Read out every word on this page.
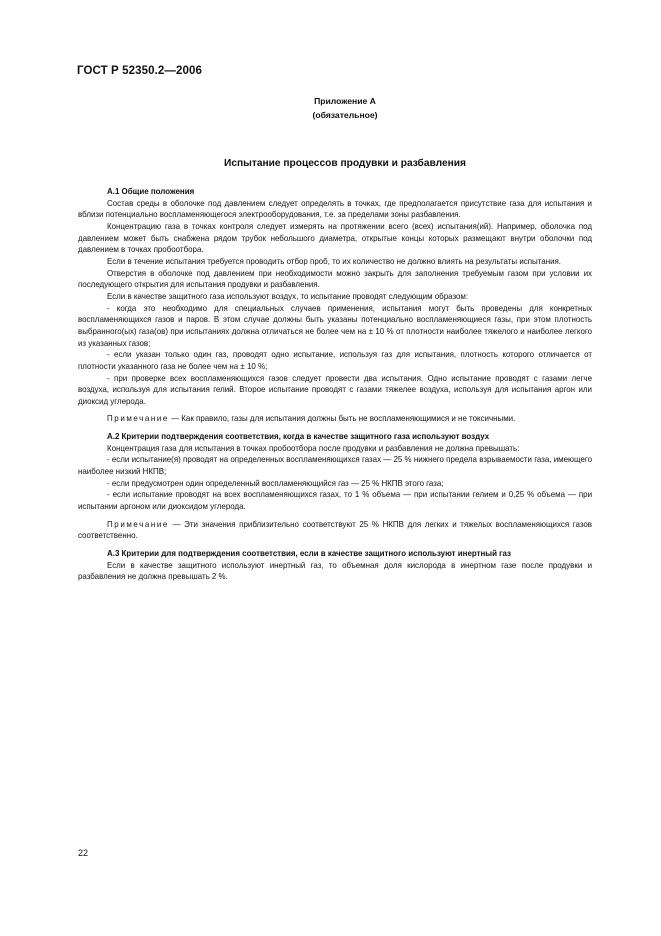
ГОСТ Р 52350.2—2006
Приложение А
(обязательное)
Испытание процессов продувки и разбавления
А.1 Общие положения

Состав среды в оболочке под давлением следует определять в точках, где предполагается присутствие газа для испытания и вблизи потенциально воспламеняющегося электрооборудования, т.е. за пределами зоны разбавления.

Концентрацию газа в точках контроля следует измерять на протяжении всего (всех) испытания(ий). Например, оболочка под давлением может быть снабжена рядом трубок небольшого диаметра, открытые концы которых размещают внутри оболочки под давлением в точках пробоотбора.

Если в течение испытания требуется проводить отбор проб, то их количество не должно влиять на результаты испытания.

Отверстия в оболочке под давлением при необходимости можно закрыть для заполнения требуемым газом при условии их последующего открытия для испытания продувки и разбавления.

Если в качестве защитного газа используют воздух, то испытание проводят следующим образом:

- когда это необходимо для специальных случаев применения, испытания могут быть проведены для конкретных воспламеняющихся газов и паров. В этом случае должны быть указаны потенциально воспламеняющиеся газы, при этом плотность выбранного(ых) газа(ов) при испытаниях должна отличаться не более чем на ± 10 % от плотности наиболее тяжелого и наиболее легкого из указанных газов;

- если указан только один газ, проводят одно испытание, используя газ для испытания, плотность которого отличается от плотности указанного газа не более чем на ± 10 %;

- при проверке всех воспламеняющихся газов следует провести два испытания. Одно испытание проводят с газами легче воздуха, используя для испытания гелий. Второе испытание проводят с газами тяжелее воздуха, используя для испытания аргон или диоксид углерода.

Примечание — Как правило, газы для испытания должны быть не воспламеняющимися и не токсичными.

А.2 Критерии подтверждения соответствия, когда в качестве защитного газа используют воздух

Концентрация газа для испытания в точках пробоотбора после продувки и разбавления не должна превышать:

- если испытание(я) проводят на определенных воспламеняющихся газах — 25 % нижнего предела взрываемости газа, имеющего наиболее низкий НКПВ;

- если предусмотрен один определенный воспламеняющийся газ — 25 % НКПВ этого газа;

- если испытание проводят на всех воспламеняющихся газах, то 1 % объема — при испытании гелием и 0,25 % объема — при испытании аргоном или диоксидом углерода.

Примечание — Эти значения приблизительно соответствуют 25 % НКПВ для легких и тяжелых воспламеняющихся газов соответственно.

А.3 Критерии для подтверждения соответствия, если в качестве защитного используют инертный газ

Если в качестве защитного используют инертный газ, то объемная доля кислорода в инертном газе после продувки и разбавления не должна превышать 2 %.

22
